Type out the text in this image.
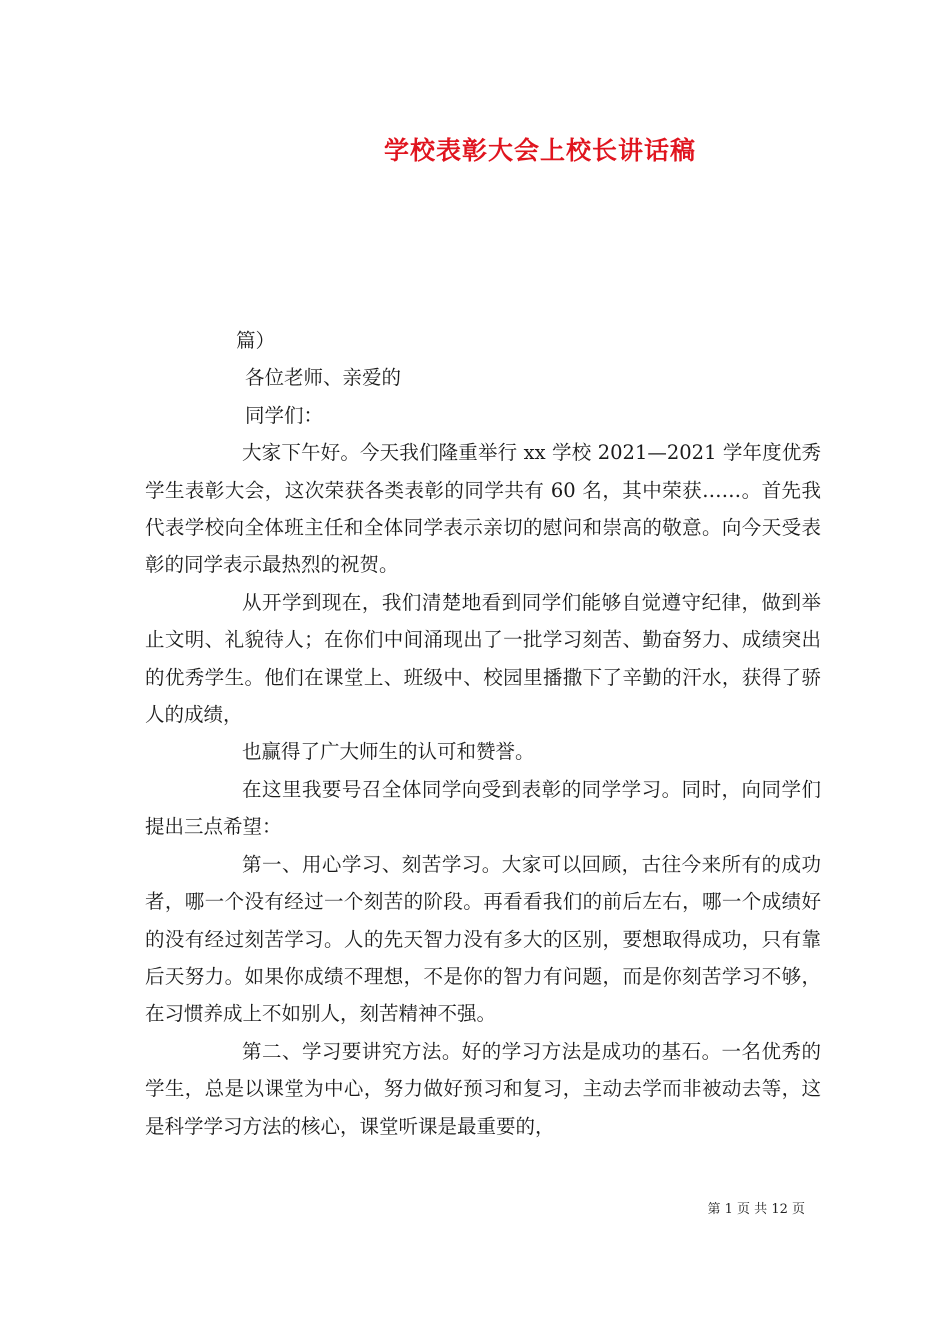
学校表彰大会上校长讲话稿

篇）

各位老师、亲爱的

同学们：

大家下午好。今天我们隆重举行 xx 学校 2021—2021 学年度优秀学生表彰大会，这次荣获各类表彰的同学共有 60 名，其中荣获……。首先我代表学校向全体班主任和全体同学表示亲切的慰问和崇高的敬意。向今天受表彰的同学表示最热烈的祝贺。

从开学到现在，我们清楚地看到同学们能够自觉遵守纪律，做到举止文明、礼貌待人；在你们中间涌现出了一批学习刻苦、勤奋努力、成绩突出的优秀学生。他们在课堂上、班级中、校园里播撒下了辛勤的汗水，获得了骄人的成绩，

也赢得了广大师生的认可和赞誉。

在这里我要号召全体同学向受到表彰的同学学习。同时，向同学们提出三点希望：

第一、用心学习、刻苦学习。大家可以回顾，古往今来所有的成功者，哪一个没有经过一个刻苦的阶段。再看看我们的前后左右，哪一个成绩好的没有经过刻苦学习。人的先天智力没有多大的区别，要想取得成功，只有靠后天努力。如果你成绩不理想，不是你的智力有问题，而是你刻苦学习不够，在习惯养成上不如别人，刻苦精神不强。

第二、学习要讲究方法。好的学习方法是成功的基石。一名优秀的学生，总是以课堂为中心，努力做好预习和复习，主动去学而非被动去等，这是科学学习方法的核心，课堂听课是最重要的，

第 1 页 共 12 页
